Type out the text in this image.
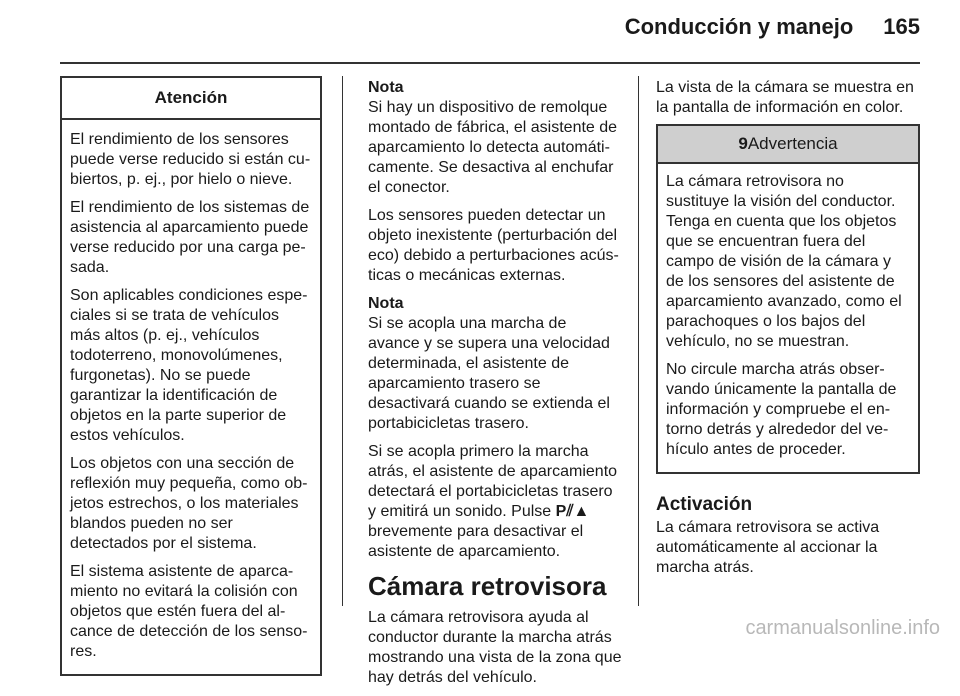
Conducción y manejo 165
Atención

El rendimiento de los sensores puede verse reducido si están cubiertos, p. ej., por hielo o nieve.

El rendimiento de los sistemas de asistencia al aparcamiento puede verse reducido por una carga pesada.

Son aplicables condiciones especiales si se trata de vehículos más altos (p. ej., vehículos todoterreno, monovolúmenes, furgonetas). No se puede garantizar la identificación de objetos en la parte superior de estos vehículos.

Los objetos con una sección de reflexión muy pequeña, como objetos estrechos, o los materiales blandos pueden no ser detectados por el sistema.

El sistema asistente de aparcamiento no evitará la colisión con objetos que estén fuera del alcance de detección de los sensores.

Nota

Si hay un dispositivo de remolque montado de fábrica, el asistente de aparcamiento lo detecta automáticamente. Se desactiva al enchufar el conector.

Los sensores pueden detectar un objeto inexistente (perturbación del eco) debido a perturbaciones acústicas o mecánicas externas.

Nota

Si se acopla una marcha de avance y se supera una velocidad determinada, el asistente de aparcamiento trasero se desactivará cuando se extienda el portabicicletas trasero.

Si se acopla primero la marcha atrás, el asistente de aparcamiento detectará el portabicicletas trasero y emitirá un sonido. Pulse P⫽▲ brevemente para desactivar el asistente de aparcamiento.

Cámara retrovisora

La cámara retrovisora ayuda al conductor durante la marcha atrás mostrando una vista de la zona que hay detrás del vehículo.

La vista de la cámara se muestra en la pantalla de información en color.

9Advertencia

La cámara retrovisora no sustituye la visión del conductor. Tenga en cuenta que los objetos que se encuentran fuera del campo de visión de la cámara y de los sensores del asistente de aparcamiento avanzado, como el parachoques o los bajos del vehículo, no se muestran.

No circule marcha atrás observando únicamente la pantalla de información y compruebe el entorno detrás y alrededor del vehículo antes de proceder.

Activación

La cámara retrovisora se activa automáticamente al accionar la marcha atrás.

carmanualsonline.info
